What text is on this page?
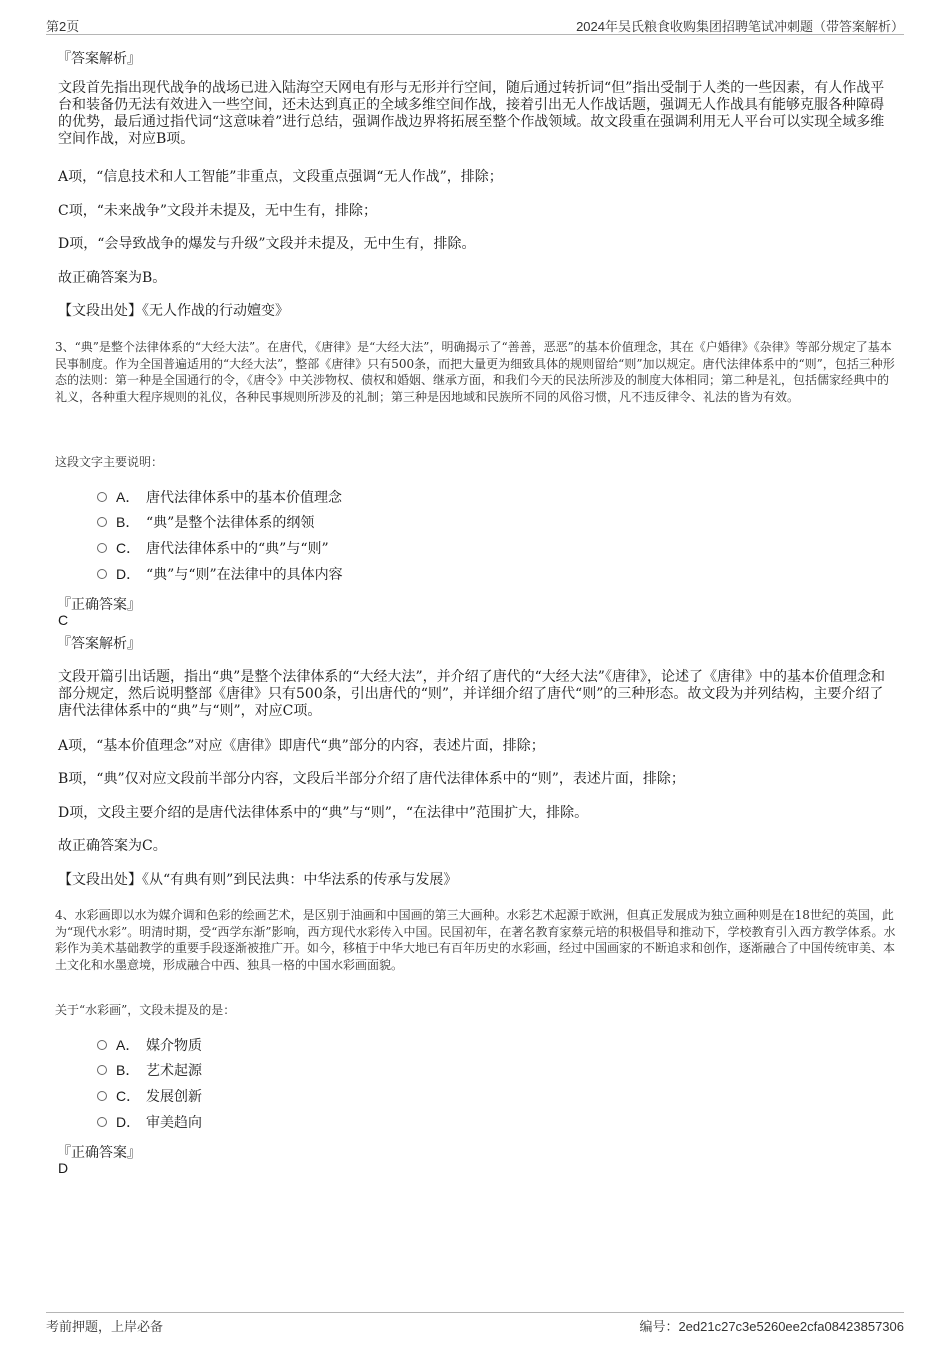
第2页	2024年吴氏粮食收购集团招聘笔试冲刺题（带答案解析）
『答案解析』
文段首先指出现代战争的战场已进入陆海空天网电有形与无形并行空间，随后通过转折词“但”指出受制于人类的一些因素，有人作战平台和装备仍无法有效进入一些空间，还未达到真正的全域多维空间作战，接着引出无人作战话题，强调无人作战具有能够克服各种障碍的优势，最后通过指代词“这意味着”进行总结，强调作战边界将拓展至整个作战领域。故文段重在强调利用无人平台可以实现全域多维空间作战，对应B项。
A项，“信息技术和人工智能”非重点，文段重点强调“无人作战”，排除；
C项，“未来战争”文段并未提及，无中生有，排除；
D项，“会导致战争的爆发与升级”文段并未提及，无中生有，排除。
故正确答案为B。
【文段出处】《无人作战的行动嬗变》
3、“典”是整个法律体系的“大经大法”。在唐代，《唐律》是“大经大法”，明确揭示了“善善，恶恶”的基本价值理念，其在《户婚律》《杂律》等部分规定了基本民事制度。作为全国普遍适用的“大经大法”，整部《唐律》只有500条，而把大量更为细致具体的规则留给“则”加以规定。唐代法律体系中的“则”，包括三种形态的法则：第一种是全国通行的令，《唐令》中关涉物权、债权和婚姻、继承方面，和我们今天的民法所涉及的制度大体相同；第二种是礼，包括儒家经典中的礼义，各种重大程序规则的礼仪，各种民事规则所涉及的礼制；第三种是因地域和民族所不同的风俗习惯，凡不违反律令、礼法的皆为有效。
这段文字主要说明：
A． 唐代法律体系中的基本价值理念
B． “典”是整个法律体系的纲领
C． 唐代法律体系中的“典”与“则”
D． “典”与“则”在法律中的具体内容
『正确答案』
C
『答案解析』
文段开篇引出话题，指出“典”是整个法律体系的“大经大法”，并介绍了唐代的“大经大法”《唐律》，论述了《唐律》中的基本价值理念和部分规定，然后说明整部《唐律》只有500条，引出唐代的“则”，并详细介绍了唐代“则”的三种形态。故文段为并列结构，主要介绍了唐代法律体系中的“典”与“则”，对应C项。
A项，“基本价值理念”对应《唐律》即唐代“典”部分的内容，表述片面，排除；
B项，“典”仅对应文段前半部分内容，文段后半部分介绍了唐代法律体系中的“则”，表述片面，排除；
D项，文段主要介绍的是唐代法律体系中的“典”与“则”，“在法律中”范围扩大，排除。
故正确答案为C。
【文段出处】《从“有典有则”到民法典：中华法系的传承与发展》
4、水彩画即以水为媒介调和色彩的绘画艺术，是区别于油画和中国画的第三大画种。水彩艺术起源于欧洲，但真正发展成为独立画种则是在18世纪的英国，此为“现代水彩”。明清时期，受“西学东渐”影响，西方现代水彩传入中国。民国初年，在著名教育家蔡元培的积极倡导和推动下，学校教育引入西方教学体系。水彩作为美术基础教学的重要手段逐渐被推广开。如今，移植于中华大地已有百年历史的水彩画，经过中国画家的不断追求和创作，逐渐融合了中国传统审美、本土文化和水墨意境，形成融合中西、独具一格的中国水彩画面貌。
关于“水彩画”，文段未提及的是：
A． 媒介物质
B． 艺术起源
C． 发展创新
D． 审美趋向
『正确答案』
D
考前押题，上岸必备	编号：2ed21c27c3e5260ee2cfa08423857306
